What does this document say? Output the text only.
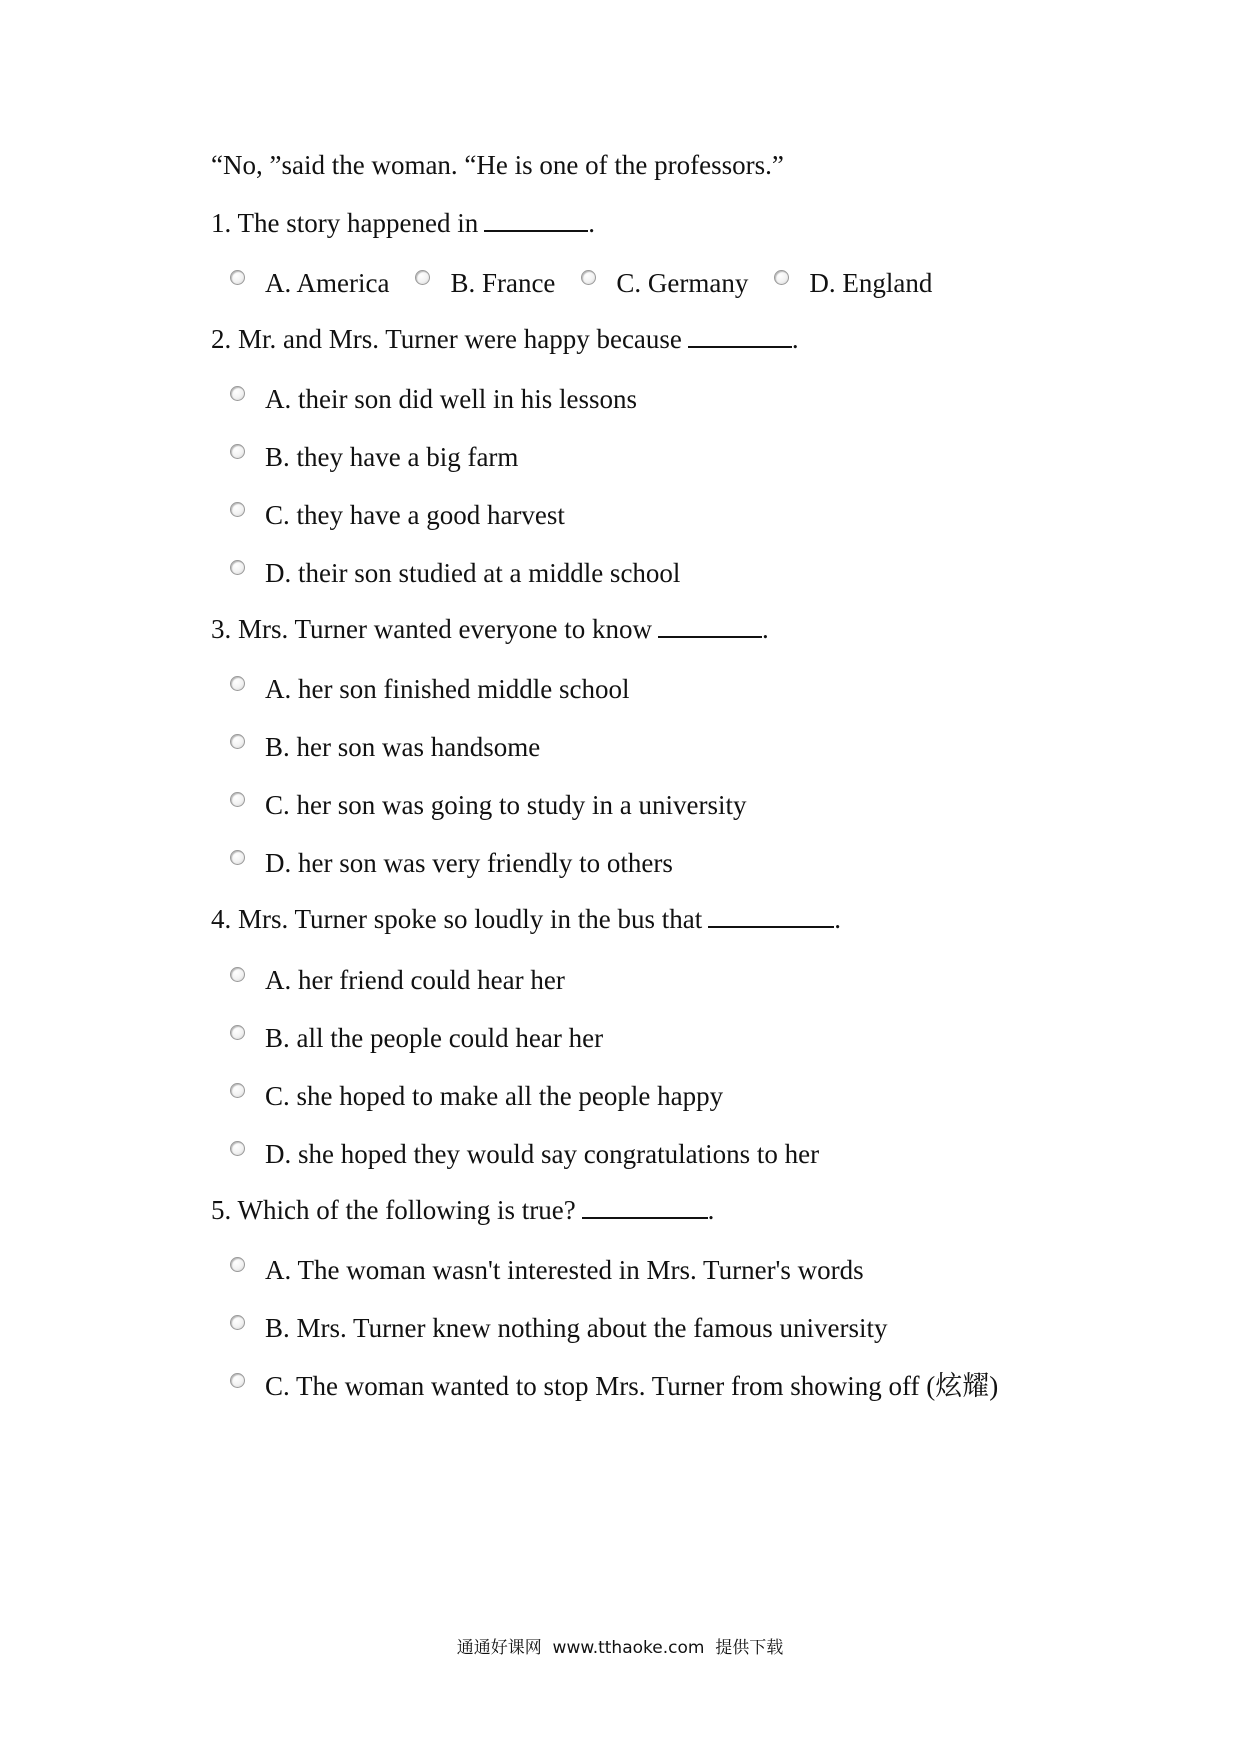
“No, ”said the woman. “He is one of the professors.”
1. The story happened in	.
A. America B. France C. Germany D. England
2. Mr. and Mrs. Turner were happy because	.
A. their son did well in his lessons
B. they have a big farm
C. they have a good harvest
D. their son studied at a middle school
3. Mrs. Turner wanted everyone to know	.
A. her son finished middle school
B. her son was handsome
C. her son was going to study in a university
D. her son was very friendly to others
4. Mrs. Turner spoke so loudly in the bus that	.
A. her friend could hear her
B. all the people could hear her
C. she hoped to make all the people happy
D. she hoped they would say congratulations to her
5. Which of the following is true?	.
A. The woman wasn't interested in Mrs. Turner's words
B. Mrs. Turner knew nothing about the famous university
C. The woman wanted to stop Mrs. Turner from showing off (炫耀)
通通好课网  www.tthaoke.com  提供下载
